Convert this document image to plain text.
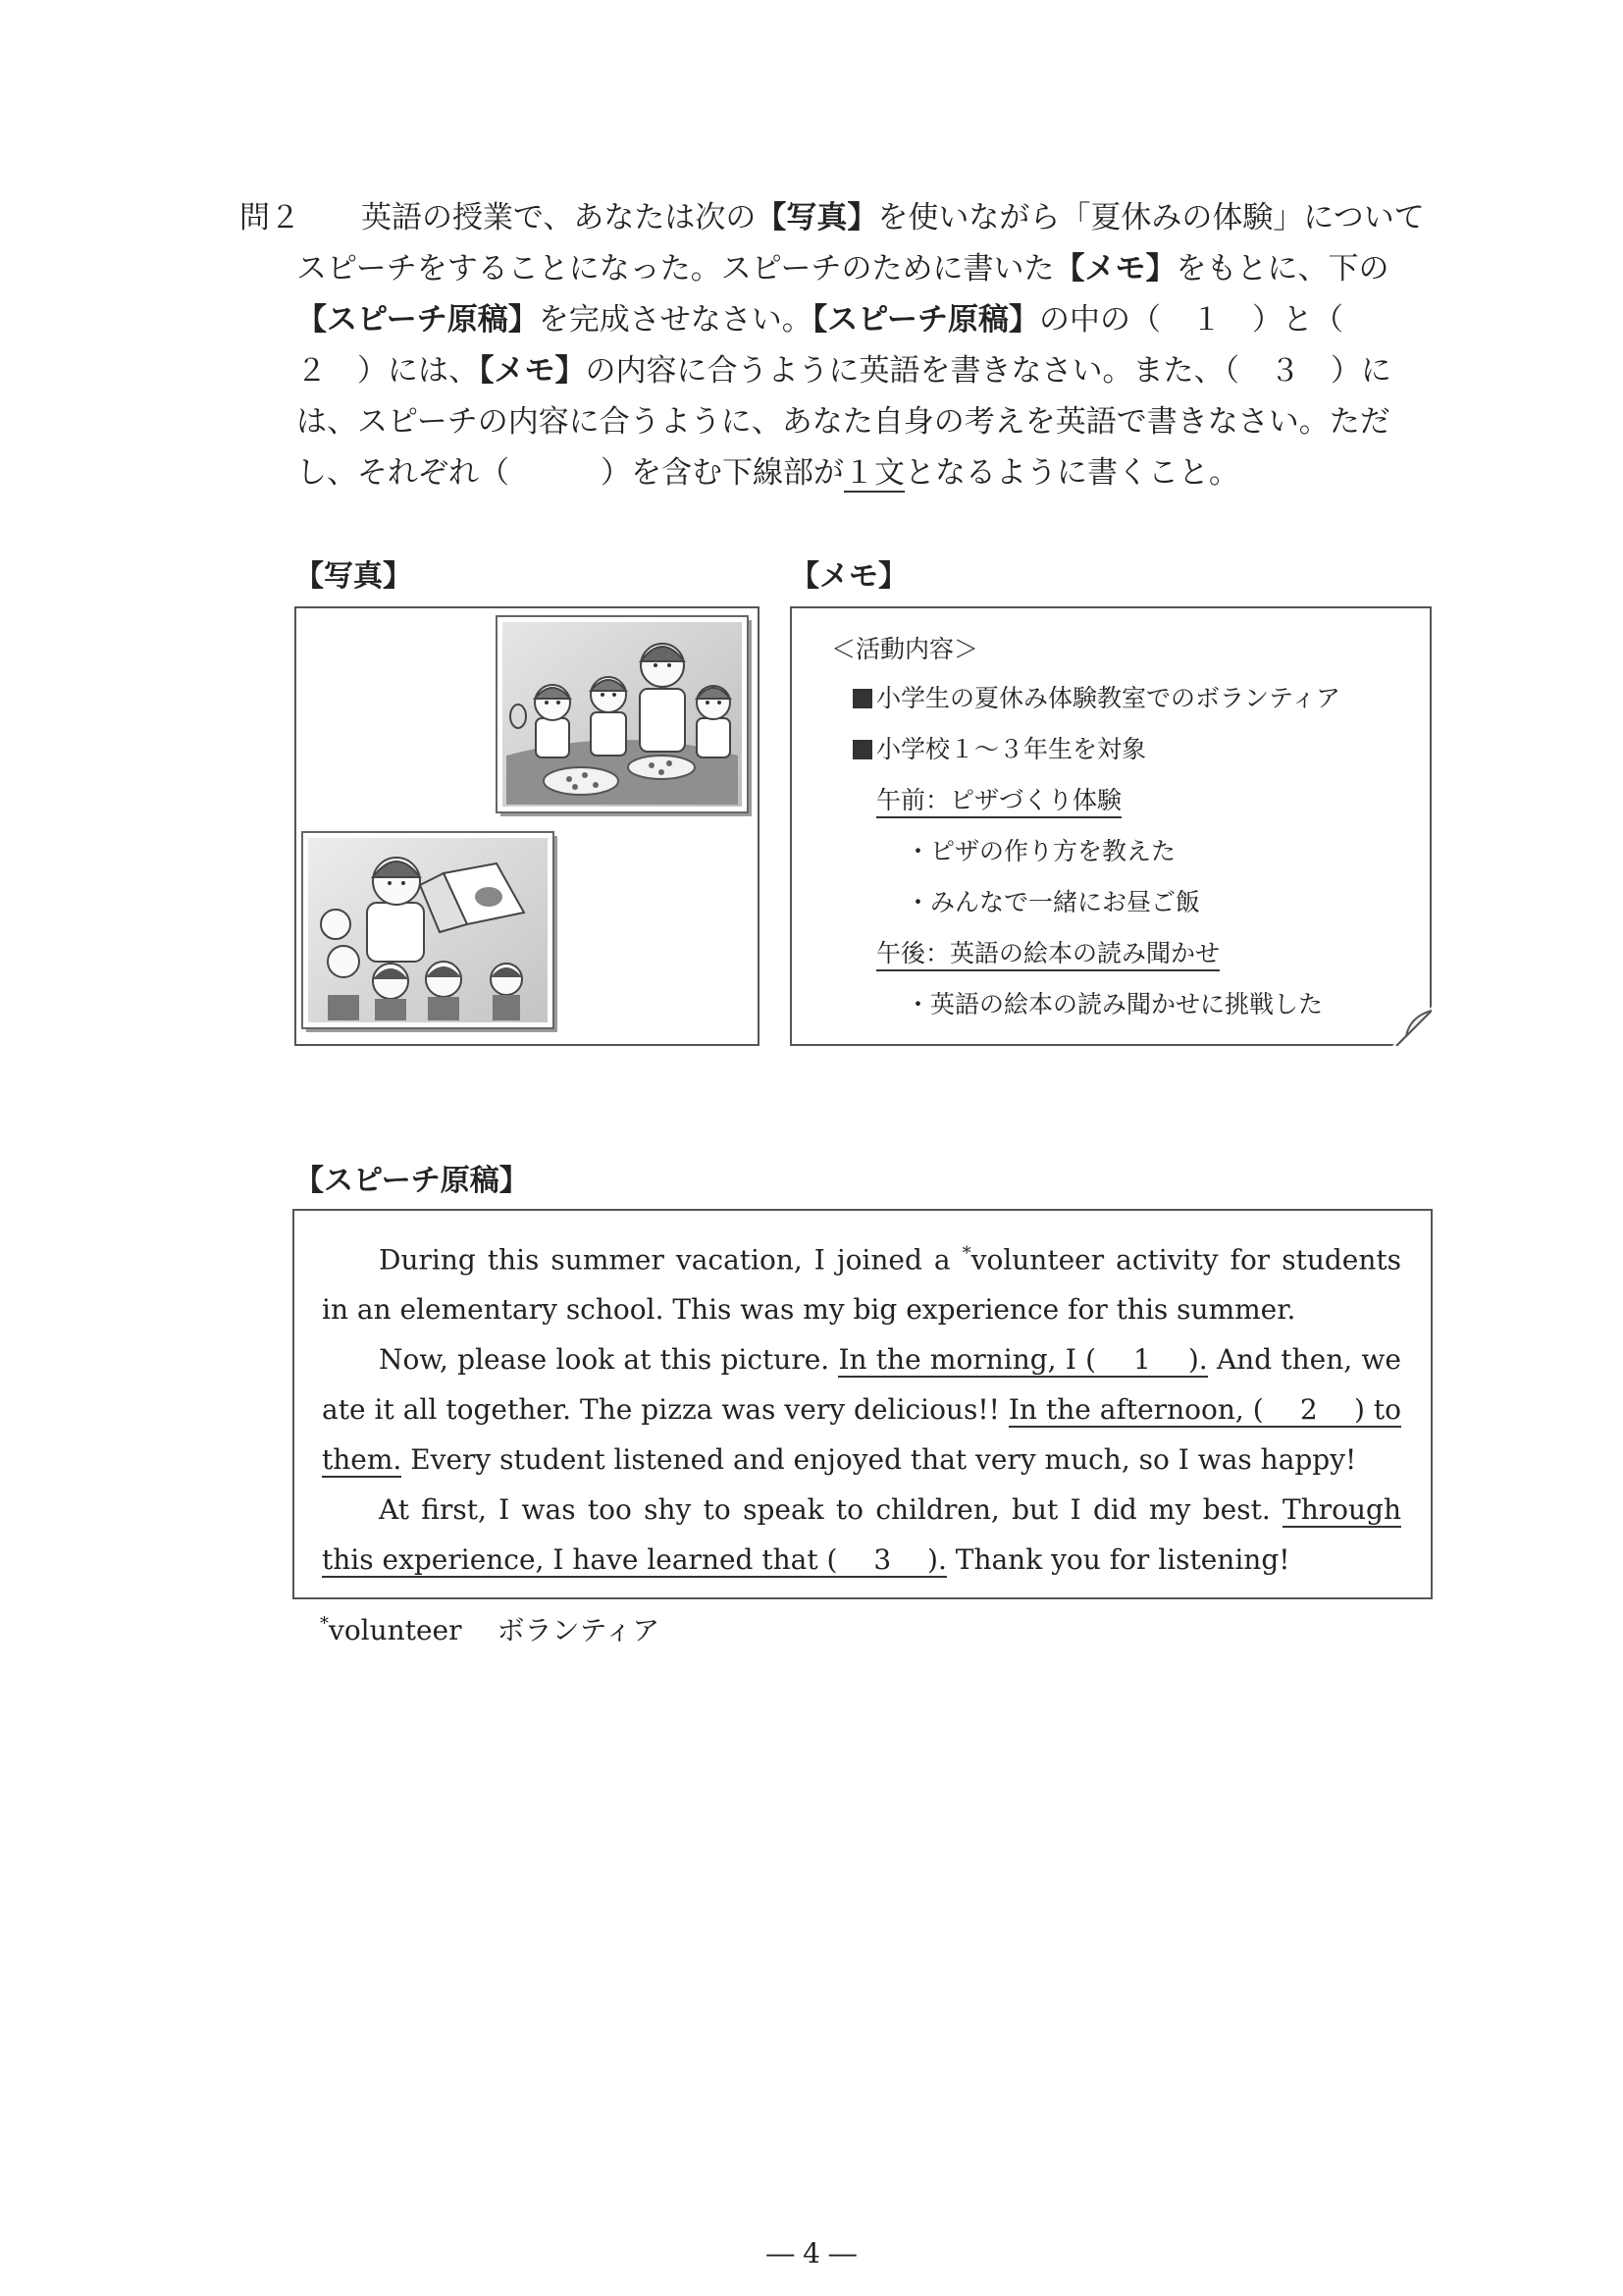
問２	英語の授業で、あなたは次の【写真】を使いながら「夏休みの体験」についてスピーチをすることになった。スピーチのために書いた【メモ】をもとに、下の【スピーチ原稿】を完成させなさい。【スピーチ原稿】の中の（　１　）と（　２　）には、【メモ】の内容に合うように英語を書きなさい。また、（　３　）には、スピーチの内容に合うように、あなた自身の考えを英語で書きなさい。ただし、それぞれ（　　　）を含む下線部が１文となるように書くこと。

【写真】	【メモ】
＜活動内容＞
小学生の夏休み体験教室でのボランティア
小学校１～３年生を対象
午前：ピザづくり体験
・ピザの作り方を教えた
・みんなで一緒にお昼ご飯
午後：英語の絵本の読み聞かせ
・英語の絵本の読み聞かせに挑戦した
【スピーチ原稿】

During this summer vacation, I joined a *volunteer activity for students in an elementary school. This was my big experience for this summer.

Now, please look at this picture. In the morning, I (　 1　 ). And then, we ate it all together. The pizza was very delicious!! In the afternoon, (　 2　 ) to them. Every student listened and enjoyed that very much, so I was happy!

At first, I was too shy to speak to children, but I did my best. Through this experience, I have learned that (　 3　 ). Thank you for listening!

*volunteer ボランティア
― 4 ―
